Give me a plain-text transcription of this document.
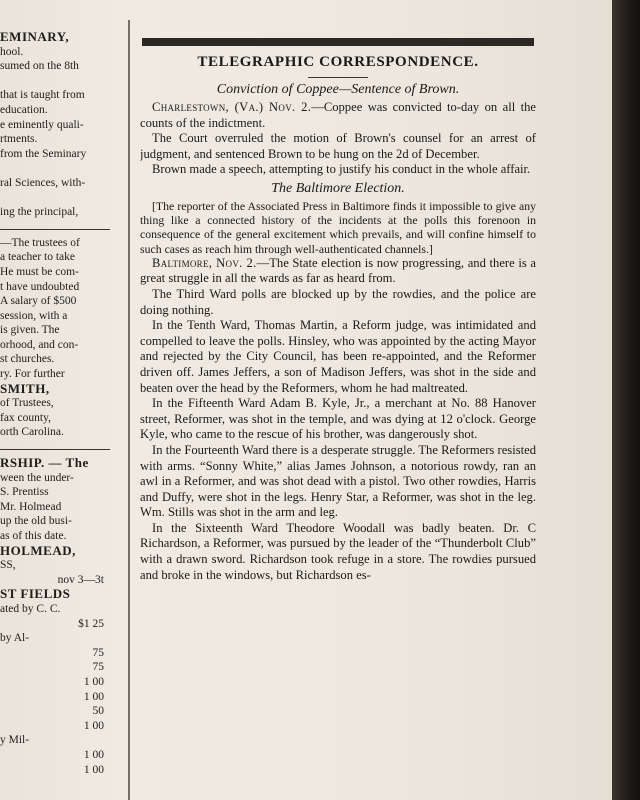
EMINARY,
hool.
sumed on the 8th

that is taught from
education.
e eminently quali-
rtments.
from the Seminary

ral Sciences, with-

ing the principal,
—The trustees of
a teacher to take
He must be com-
t have undoubted
A salary of $500
session, with a
is given. The
orhood, and con-
st churches.
ry. For further
SMITH,
of Trustees,
fax county,
orth Carolina.
RSHIP. — The
ween the under-
S. Prentiss
Mr. Holmead
up the old busi-
as of this date.
HOLMEAD,
SS,
nov 3—3t
ST FIELDS
ated by C. C.
$1 25
by Al-
75
75
1 00
1 00
50
1 00
y Mil-
1 00
1 00
TELEGRAPHIC CORRESPONDENCE.
Conviction of Coppee—Sentence of Brown.

Charlestown, (Va.) Nov. 2.—Coppee was convicted to-day on all the counts of the indictment.

The Court overruled the motion of Brown's counsel for an arrest of judgment, and sentenced Brown to be hung on the 2d of December.

Brown made a speech, attempting to justify his conduct in the whole affair.

The Baltimore Election.

[The reporter of the Associated Press in Baltimore finds it impossible to give any thing like a connected history of the incidents at the polls this forenoon in consequence of the general excitement which prevails, and will confine himself to such cases as reach him through well-authenticated channels.]

Baltimore, Nov. 2.—The State election is now progressing, and there is a great struggle in all the wards as far as heard from.

The Third Ward polls are blocked up by the rowdies, and the police are doing nothing.

In the Tenth Ward, Thomas Martin, a Reform judge, was intimidated and compelled to leave the polls. Hinsley, who was appointed by the acting Mayor and rejected by the City Council, has been re-appointed, and the Reformer driven off. James Jeffers, a son of Madison Jeffers, was shot in the side and beaten over the head by the Reformers, whom he had maltreated.

In the Fifteenth Ward Adam B. Kyle, Jr., a merchant at No. 88 Hanover street, Reformer, was shot in the temple, and was dying at 12 o'clock. George Kyle, who came to the rescue of his brother, was dangerously shot.

In the Fourteenth Ward there is a desperate struggle. The Reformers resisted with arms. “Sonny White,” alias James Johnson, a notorious rowdy, ran an awl in a Reformer, and was shot dead with a pistol. Two other rowdies, Harris and Duffy, were shot in the legs. Henry Star, a Reformer, was shot in the leg. Wm. Stills was shot in the arm and leg.

In the Sixteenth Ward Theodore Woodall was badly beaten. Dr. C Richardson, a Reformer, was pursued by the leader of the “Thunderbolt Club” with a drawn sword. Richardson took refuge in a store. The rowdies pursued and broke in the windows, but Richardson es-
